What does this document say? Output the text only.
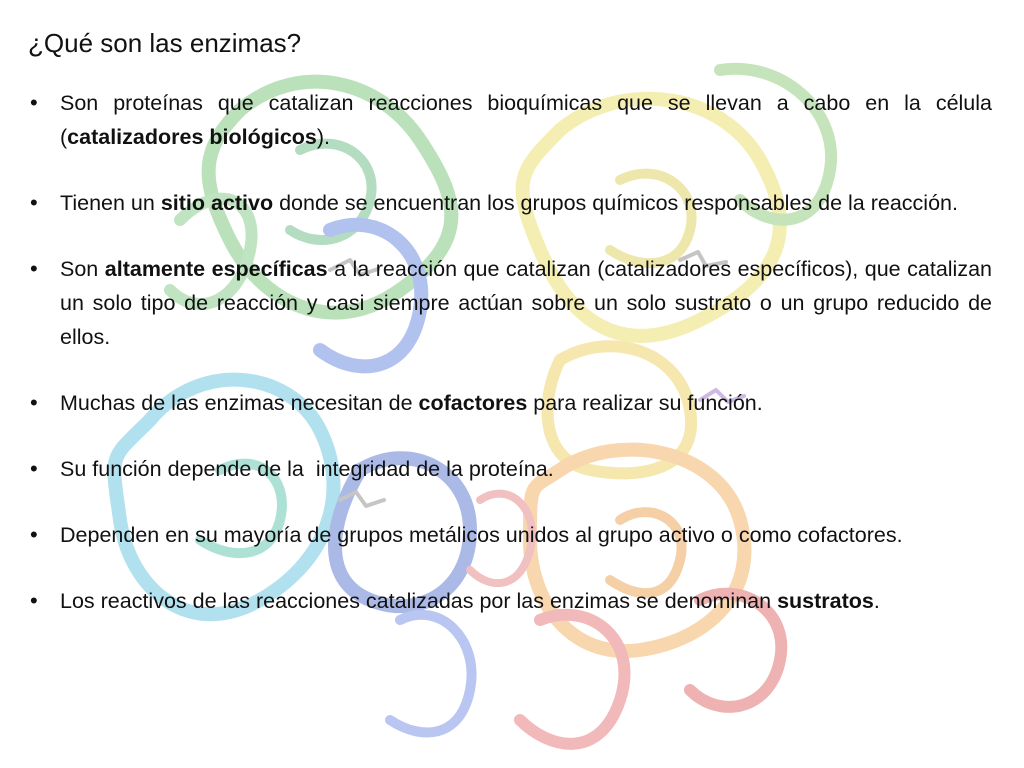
¿Qué son las enzimas?
• Son proteínas que catalizan reacciones bioquímicas que se llevan a cabo en la célula (catalizadores biológicos).
• Tienen un sitio activo donde se encuentran los grupos químicos responsables de la reacción.
• Son altamente específicas a la reacción que catalizan (catalizadores específicos), que catalizan un solo tipo de reacción y casi siempre actúan sobre un solo sustrato o un grupo reducido de ellos.
• Muchas de las enzimas necesitan de cofactores para realizar su función.
• Su función depende de la  integridad de la proteína.
• Dependen en su mayoría de grupos metálicos unidos al grupo activo o como cofactores.
• Los reactivos de las reacciones catalizadas por las enzimas se denominan sustratos.
